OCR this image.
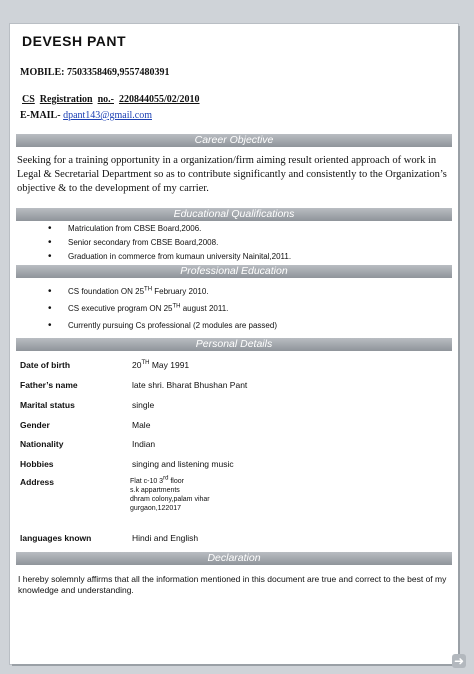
DEVESH PANT
MOBILE: 7503358469,9557480391
CS Registration no.- 220844055/02/2010
E-MAIL- dpant143@gmail.com
Career Objective
Seeking for a training opportunity in a organization/firm aiming result oriented approach of work in Legal & Secretarial Department so as to contribute significantly and consistently to the Organization’s objective & to the development of my carrier.
Educational Qualifications
• Matriculation from CBSE Board,2006.
• Senior secondary from CBSE Board,2008.
• Graduation in commerce from kumaun university Nainital,2011.
Professional Education
• CS foundation ON 25TH February 2010.
• CS executive program ON 25TH august 2011.
• Currently pursuing Cs professional (2 modules are passed)
Personal Details
Date of birth	20TH May 1991
Father’s name	late shri. Bharat Bhushan Pant
Marital status	single
Gender	Male
Nationality	Indian
Hobbies	singing and listening music
Address	Flat c-10 3rd floor
s.k appartments
dhram colony,palam vihar
gurgaon,122017
languages known	Hindi and English
Declaration
I hereby solemnly affirms that all the information mentioned in this document are true and correct to the best of my knowledge and understanding.
➜
